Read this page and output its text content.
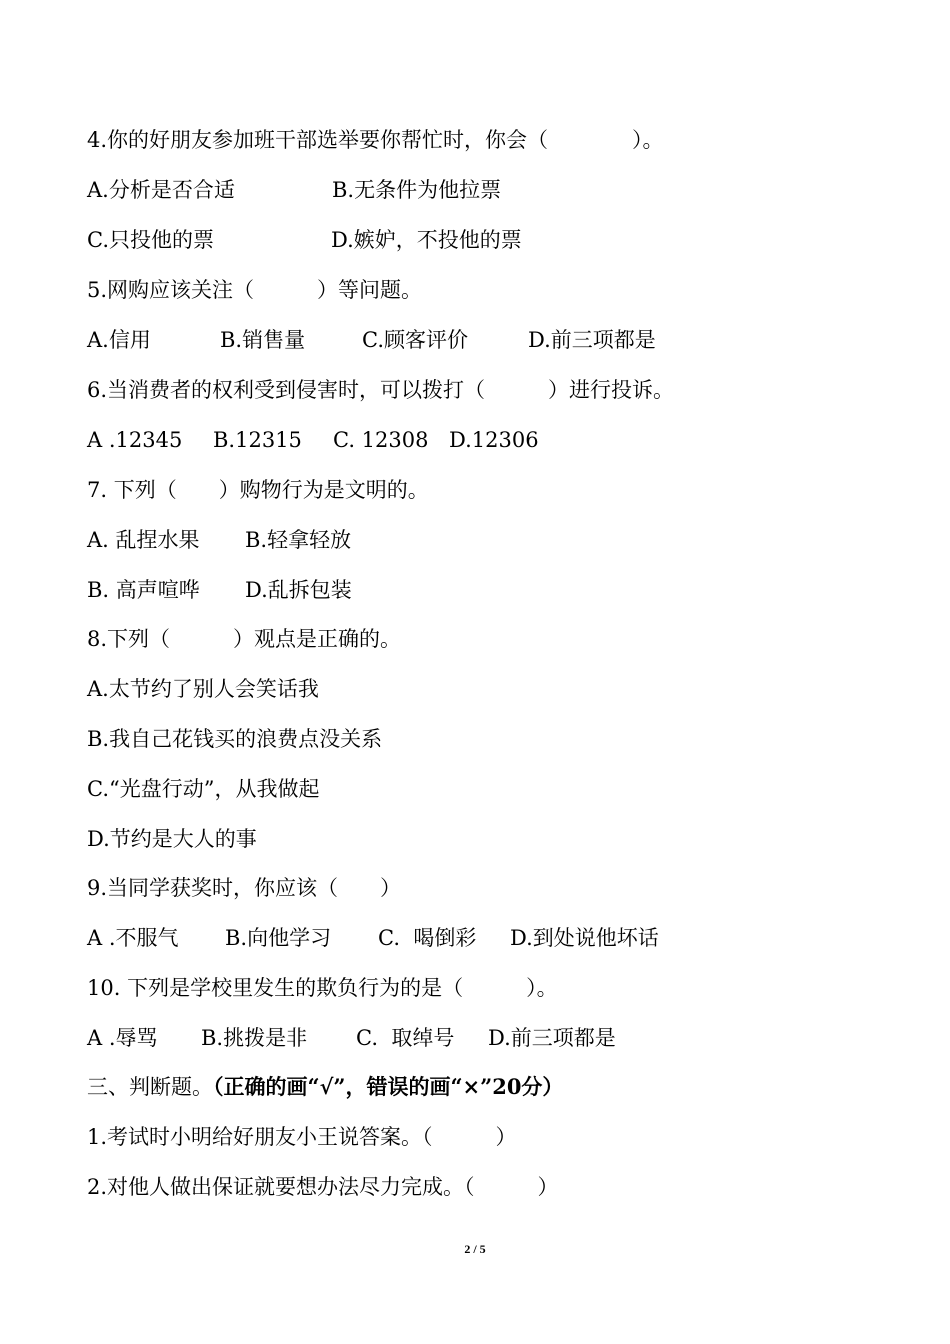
4.你的好朋友参加班干部选举要你帮忙时，你会（　　　　）。
A.分析是否合适	B.无条件为他拉票
C.只投他的票	D.嫉妒，不投他的票
5.网购应该关注（　　　）等问题。
A.信用	B.销售量	C.顾客评价	D.前三项都是
6.当消费者的权利受到侵害时，可以拨打（　　　）进行投诉。
A .12345 B.12315 C. 12308 D.12306
7. 下列（　　）购物行为是文明的。
A. 乱捏水果 B.轻拿轻放
B. 高声喧哗 D.乱拆包装
8.下列（　　　）观点是正确的。
A.太节约了别人会笑话我
B.我自己花钱买的浪费点没关系
C.“光盘行动”，从我做起
D.节约是大人的事
9.当同学获奖时，你应该（　　）
A .不服气 B.向他学习 C.  喝倒彩 D.到处说他坏话
10. 下列是学校里发生的欺负行为的是（　　　）。
A .辱骂 B.挑拨是非 C.  取绰号 D.前三项都是
三、判断题。（正确的画“√”，错误的画“×”20分）
1.考试时小明给好朋友小王说答案。（　　　）
2.对他人做出保证就要想办法尽力完成。（　　　）
2 / 5
